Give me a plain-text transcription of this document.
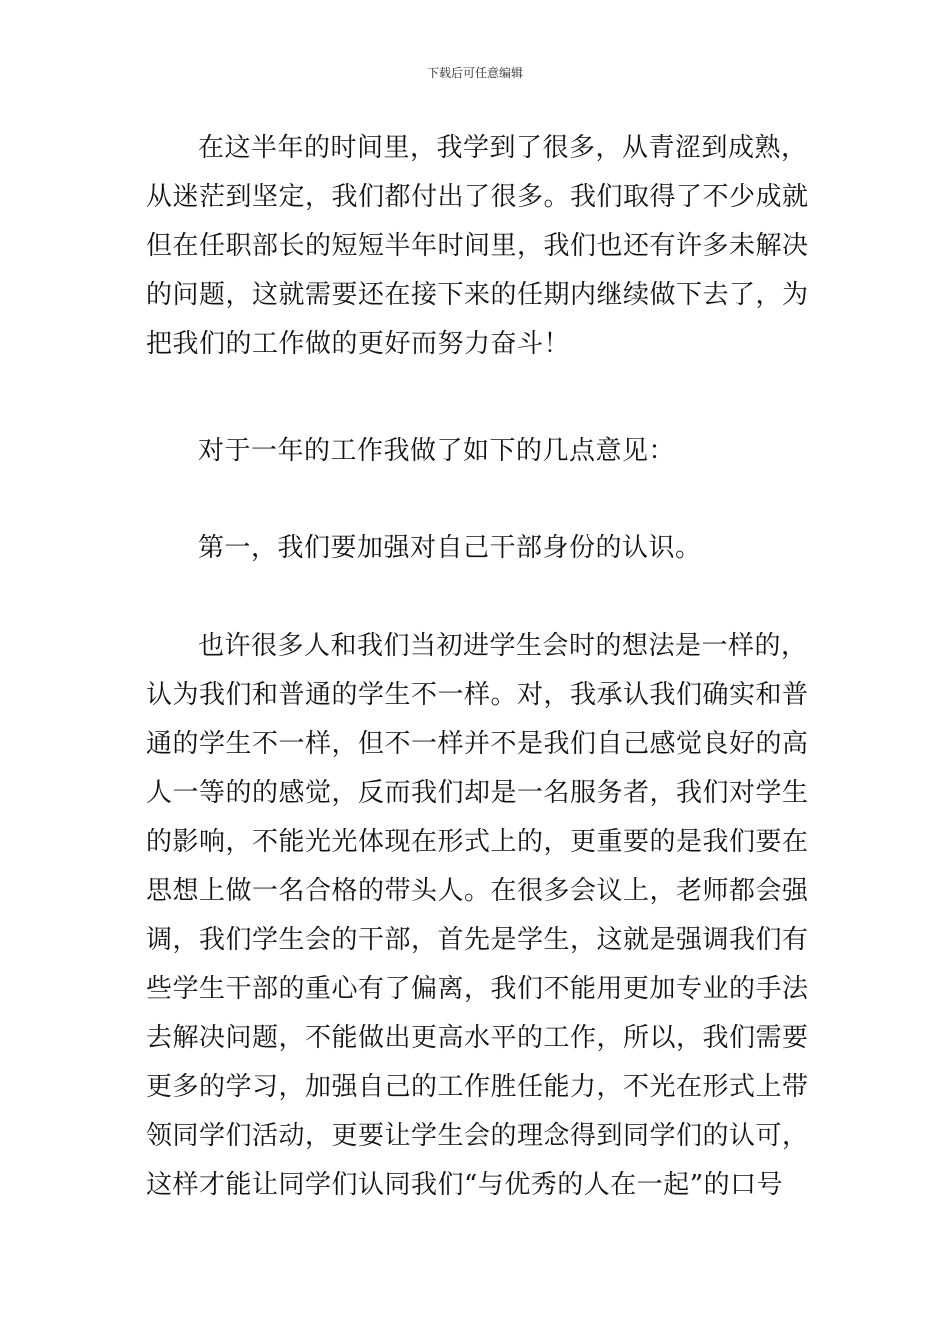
下载后可任意编辑
在这半年的时间里，我学到了很多，从青涩到成熟，
从迷茫到坚定，我们都付出了很多。我们取得了不少成就
但在任职部长的短短半年时间里，我们也还有许多未解决
的问题，这就需要还在接下来的任期内继续做下去了，为
把我们的工作做的更好而努力奋斗！
对于一年的工作我做了如下的几点意见：
第一，我们要加强对自己干部身份的认识。
也许很多人和我们当初进学生会时的想法是一样的，
认为我们和普通的学生不一样。对，我承认我们确实和普
通的学生不一样，但不一样并不是我们自己感觉良好的高
人一等的的感觉，反而我们却是一名服务者，我们对学生
的影响，不能光光体现在形式上的，更重要的是我们要在
思想上做一名合格的带头人。在很多会议上，老师都会强
调，我们学生会的干部，首先是学生，这就是强调我们有
些学生干部的重心有了偏离，我们不能用更加专业的手法
去解决问题，不能做出更高水平的工作，所以，我们需要
更多的学习，加强自己的工作胜任能力，不光在形式上带
领同学们活动，更要让学生会的理念得到同学们的认可，
这样才能让同学们认同我们“与优秀的人在一起”的口号
